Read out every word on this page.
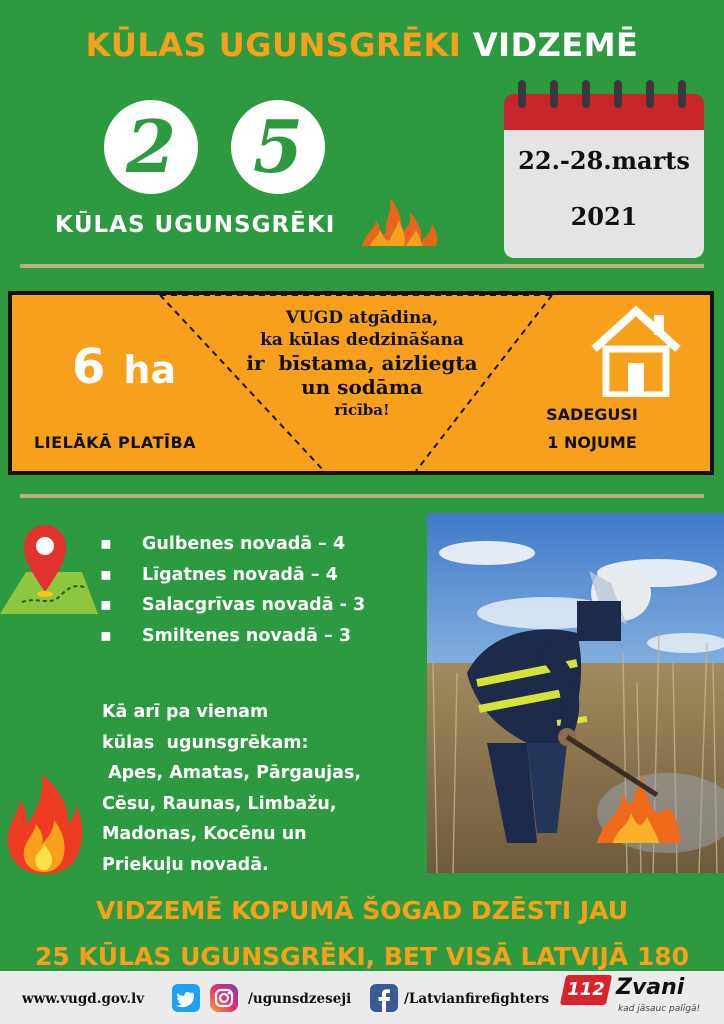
KŪLAS UGUNSGRĒKI VIDZEMĒ
2	5
KŪLAS UGUNSGRĒKI
22.-28.marts
2021
6 ha
LIELĀKĀ PLATĪBA
VUGD atgādina,
ka kūlas dedzināšana
ir  bīstama, aizliegta
un sodāma
rīcība!	SADEGUSI
1 NOJUME
▪ Gulbenes novadā – 4
▪ Līgatnes novadā – 4
▪ Salacgrīvas novadā - 3
▪ Smiltenes novadā – 3
Kā arī pa vienam
kūlas  ugunsgrēkam:
Apes, Amatas, Pārgaujas,
Cēsu, Raunas, Limbažu,
Madonas, Kocēnu un
Priekuļu novadā.
VIDZEMĒ KOPUMĀ ŠOGAD DZĒSTI JAU
25 KŪLAS UGUNSGRĒKI, BET VISĀ LATVIJĀ 180
www.vugd.gov.lv	/ugunsdzeseji	/Latvianfirefighters 112 Zvani
kad jāsauc palīgā!
